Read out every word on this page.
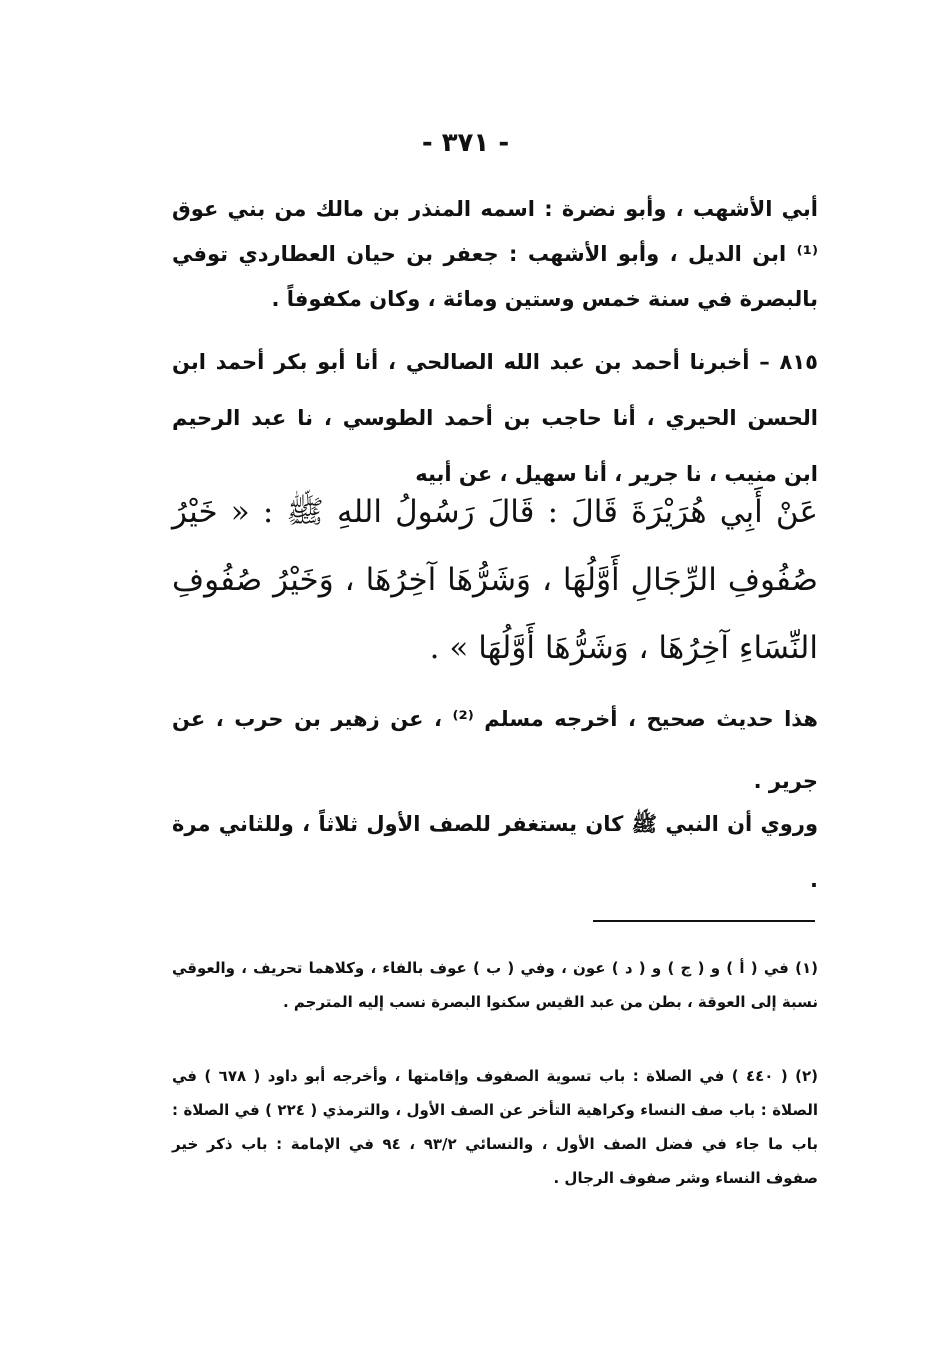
- ٣٧١ -
أبي الأشهب ، وأبو نضرة : اسمه المنذر بن مالك من بني عوق ⁽¹⁾ ابن الديل ، وأبو الأشهب : جعفر بن حيان العطاردي توفي بالبصرة في سنة خمس وستين ومائة ، وكان مكفوفاً .
٨١٥ – أخبرنا أحمد بن عبد الله الصالحي ، أنا أبو بكر أحمد ابن الحسن الحيري ، أنا حاجب بن أحمد الطوسي ، نا عبد الرحيم ابن منيب ، نا جرير ، أنا سهيل ، عن أبيه
عَنْ أَبِي هُرَيْرَةَ قَالَ : قَالَ رَسُولُ اللهِ ﷺ : « خَيْرُ صُفُوفِ الرِّجَالِ أَوَّلُهَا ، وَشَرُّهَا آخِرُهَا ، وَخَيْرُ صُفُوفِ النِّسَاءِ آخِرُهَا ، وَشَرُّهَا أَوَّلُهَا » .
هذا حديث صحيح ، أخرجه مسلم ⁽²⁾ ، عن زهير بن حرب ، عن جرير .
وروي أن النبي ﷺ كان يستغفر للصف الأول ثلاثاً ، وللثاني مرة .
(١) في ( أ ) و ( ج ) و ( د ) عون ، وفي ( ب ) عوف بالفاء ، وكلاهما تحريف ، والعوقي نسبة إلى العوقة ، بطن من عبد القيس سكنوا البصرة نسب إليه المترجم .
(٢) ( ٤٤٠ ) في الصلاة : باب تسوية الصفوف وإقامتها ، وأخرجه أبو داود ( ٦٧٨ ) في الصلاة : باب صف النساء وكراهية التأخر عن الصف الأول ، والترمذي ( ٢٢٤ ) في الصلاة : باب ما جاء في فضل الصف الأول ، والنسائي ٩٣/٢ ، ٩٤ في الإمامة : باب ذكر خير صفوف النساء وشر صفوف الرجال .
